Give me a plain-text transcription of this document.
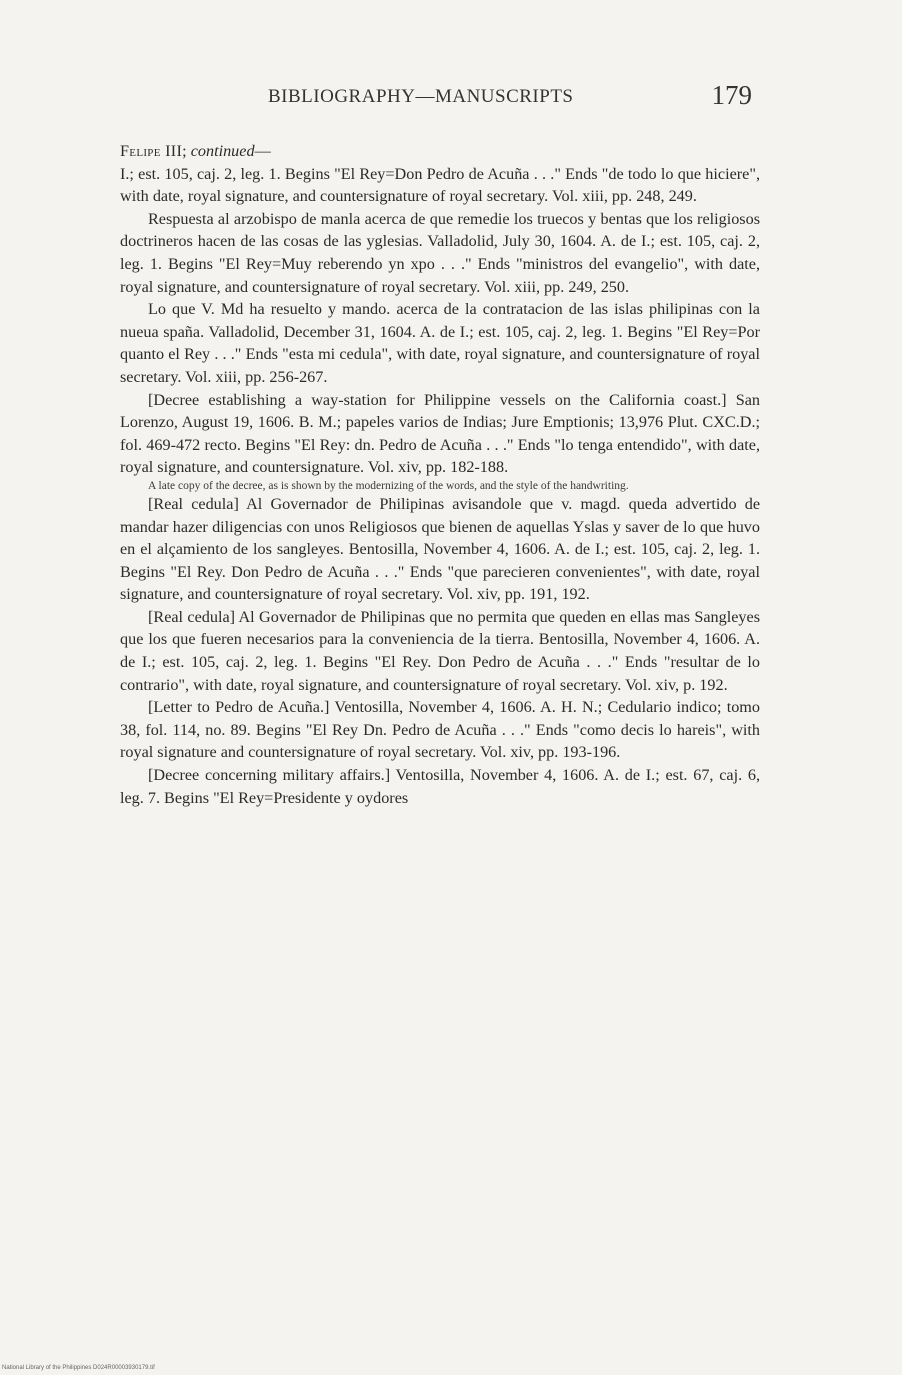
BIBLIOGRAPHY—MANUSCRIPTS	179
Felipe III; continued—

I.; est. 105, caj. 2, leg. 1. Begins "El Rey=Don Pedro de Acuña . . ." Ends "de todo lo que hiciere", with date, royal signature, and countersignature of royal secretary. Vol. xiii, pp. 248, 249.

Respuesta al arzobispo de manla acerca de que remedie los truecos y bentas que los religiosos doctrineros hacen de las cosas de las yglesias. Valladolid, July 30, 1604. A. de I.; est. 105, caj. 2, leg. 1. Begins "El Rey=Muy reberendo yn xpo . . ." Ends "ministros del evangelio", with date, royal signature, and countersignature of royal secretary. Vol. xiii, pp. 249, 250.

Lo que V. Md ha resuelto y mando. acerca de la contratacion de las islas philipinas con la nueua spaña. Valladolid, December 31, 1604. A. de I.; est. 105, caj. 2, leg. 1. Begins "El Rey=Por quanto el Rey . . ." Ends "esta mi cedula", with date, royal signature, and countersignature of royal secretary. Vol. xiii, pp. 256-267.

[Decree establishing a way-station for Philippine vessels on the California coast.] San Lorenzo, August 19, 1606. B. M.; papeles varios de Indias; Jure Emptionis; 13,976 Plut. CXC.D.; fol. 469-472 recto. Begins "El Rey: dn. Pedro de Acuña . . ." Ends "lo tenga entendido", with date, royal signature, and countersignature. Vol. xiv, pp. 182-188.

A late copy of the decree, as is shown by the modernizing of the words, and the style of the handwriting.

[Real cedula] Al Governador de Philipinas avisandole que v. magd. queda advertido de mandar hazer diligencias con unos Religiosos que bienen de aquellas Yslas y saver de lo que huvo en el alçamiento de los sangleyes. Bentosilla, November 4, 1606. A. de I.; est. 105, caj. 2, leg. 1. Begins "El Rey. Don Pedro de Acuña . . ." Ends "que parecieren convenientes", with date, royal signature, and countersignature of royal secretary. Vol. xiv, pp. 191, 192.

[Real cedula] Al Governador de Philipinas que no permita que queden en ellas mas Sangleyes que los que fueren necesarios para la conveniencia de la tierra. Bentosilla, November 4, 1606. A. de I.; est. 105, caj. 2, leg. 1. Begins "El Rey. Don Pedro de Acuña . . ." Ends "resultar de lo contrario", with date, royal signature, and countersignature of royal secretary. Vol. xiv, p. 192.

[Letter to Pedro de Acuña.] Ventosilla, November 4, 1606. A. H. N.; Cedulario indico; tomo 38, fol. 114, no. 89. Begins "El Rey Dn. Pedro de Acuña . . ." Ends "como decis lo hareis", with royal signature and countersignature of royal secretary. Vol. xiv, pp. 193-196.

[Decree concerning military affairs.] Ventosilla, November 4, 1606. A. de I.; est. 67, caj. 6, leg. 7. Begins "El Rey=Presidente y oydores

National Library of the Philippines D024R00003930179.tif
